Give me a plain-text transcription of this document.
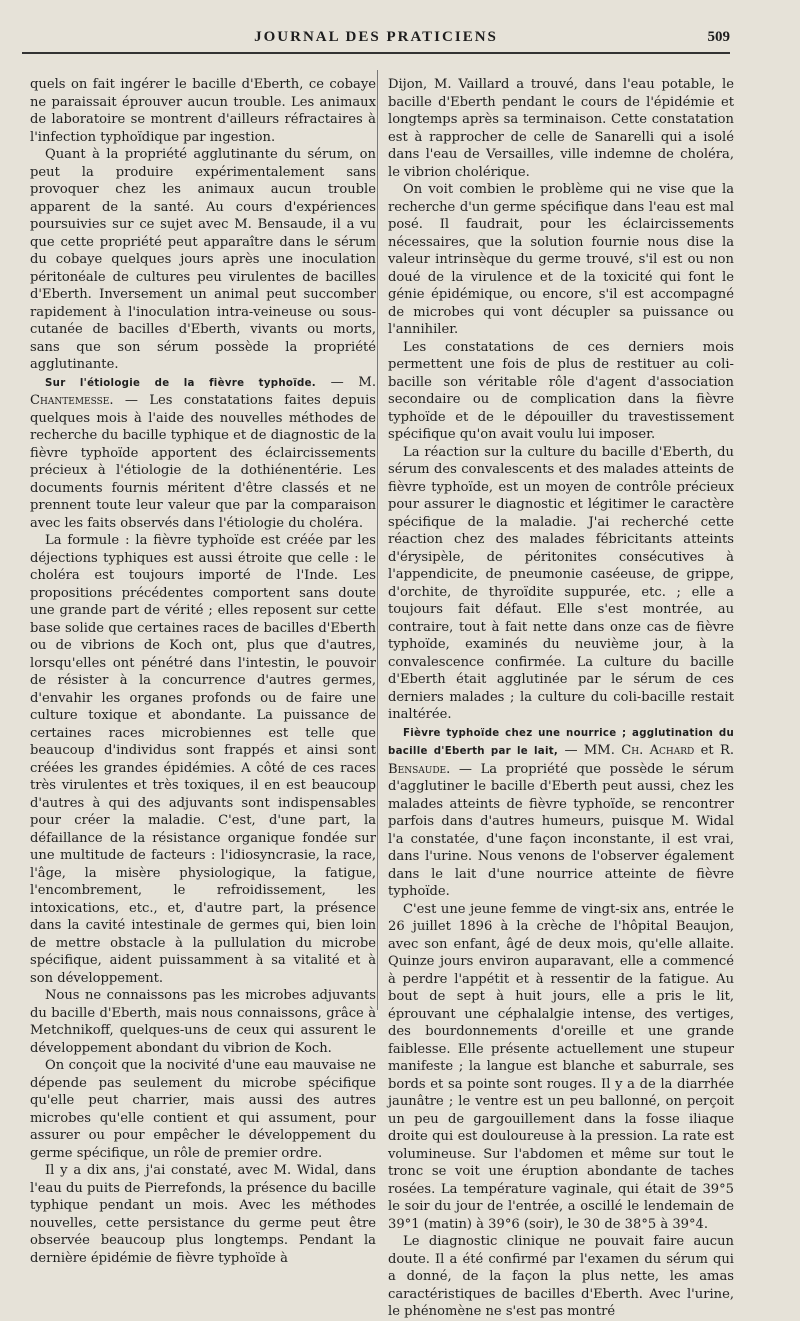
JOURNAL DES PRATICIENS	509

quels on fait ingérer le bacille d'Eberth, ce cobaye ne paraissait éprouver aucun trouble. Les animaux de laboratoire se montrent d'ailleurs réfractaires à l'infection typhoïdique par ingestion.

Quant à la propriété agglutinante du sérum, on peut la produire expérimentalement sans provoquer chez les animaux aucun trouble apparent de la santé. Au cours d'expériences poursuivies sur ce sujet avec M. Bensaude, il a vu que cette propriété peut apparaître dans le sérum du cobaye quelques jours après une inoculation péritonéale de cultures peu virulentes de bacilles d'Eberth. Inversement un animal peut succomber rapidement à l'inoculation intra-veineuse ou sous-cutanée de bacilles d'Eberth, vivants ou morts, sans que son sérum possède la propriété agglutinante.

Sur l'étiologie de la fièvre typhoïde. — M. Chantemesse. — Les constatations faites depuis quelques mois à l'aide des nouvelles méthodes de recherche du bacille typhique et de diagnostic de la fièvre typhoïde apportent des éclaircissements précieux à l'étiologie de la dothiénentérie. Les documents fournis méritent d'être classés et ne prennent toute leur valeur que par la comparaison avec les faits observés dans l'étiologie du choléra.

La formule : la fièvre typhoïde est créée par les déjections typhiques est aussi étroite que celle : le choléra est toujours importé de l'Inde. Les propositions précédentes comportent sans doute une grande part de vérité ; elles reposent sur cette base solide que certaines races de bacilles d'Eberth ou de vibrions de Koch ont, plus que d'autres, lorsqu'elles ont pénétré dans l'intestin, le pouvoir de résister à la concurrence d'autres germes, d'envahir les organes profonds ou de faire une culture toxique et abondante. La puissance de certaines races microbiennes est telle que beaucoup d'individus sont frappés et ainsi sont créées les grandes épidémies. A côté de ces races très virulentes et très toxiques, il en est beaucoup d'autres à qui des adjuvants sont indispensables pour créer la maladie. C'est, d'une part, la défaillance de la résistance organique fondée sur une multitude de facteurs : l'idiosyncrasie, la race, l'âge, la misère physiologique, la fatigue, l'encombrement, le refroidissement, les intoxications, etc., et, d'autre part, la présence dans la cavité intestinale de germes qui, bien loin de mettre obstacle à la pullulation du microbe spécifique, aident puissamment à sa vitalité et à son développement.

Nous ne connaissons pas les microbes adjuvants du bacille d'Eberth, mais nous connaissons, grâce à Metchnikoff, quelques-uns de ceux qui assurent le développement abondant du vibrion de Koch.

On conçoit que la nocivité d'une eau mauvaise ne dépende pas seulement du microbe spécifique qu'elle peut charrier, mais aussi des autres microbes qu'elle contient et qui assument, pour assurer ou pour empêcher le développement du germe spécifique, un rôle de premier ordre.

Il y a dix ans, j'ai constaté, avec M. Widal, dans l'eau du puits de Pierrefonds, la présence du bacille typhique pendant un mois. Avec les méthodes nouvelles, cette persistance du germe peut être observée beaucoup plus longtemps. Pendant la dernière épidémie de fièvre typhoïde à

Dijon, M. Vaillard a trouvé, dans l'eau potable, le bacille d'Eberth pendant le cours de l'épidémie et longtemps après sa terminaison. Cette constatation est à rapprocher de celle de Sanarelli qui a isolé dans l'eau de Versailles, ville indemne de choléra, le vibrion cholérique.

On voit combien le problème qui ne vise que la recherche d'un germe spécifique dans l'eau est mal posé. Il faudrait, pour les éclaircissements nécessaires, que la solution fournie nous dise la valeur intrinsèque du germe trouvé, s'il est ou non doué de la virulence et de la toxicité qui font le génie épidémique, ou encore, s'il est accompagné de microbes qui vont décupler sa puissance ou l'annihiler.

Les constatations de ces derniers mois permettent une fois de plus de restituer au coli-bacille son véritable rôle d'agent d'association secondaire ou de complication dans la fièvre typhoïde et de le dépouiller du travestissement spécifique qu'on avait voulu lui imposer.

La réaction sur la culture du bacille d'Eberth, du sérum des convalescents et des malades atteints de fièvre typhoïde, est un moyen de contrôle précieux pour assurer le diagnostic et légitimer le caractère spécifique de la maladie. J'ai recherché cette réaction chez des malades fébricitants atteints d'érysipèle, de péritonites consécutives à l'appendicite, de pneumonie caséeuse, de grippe, d'orchite, de thyroïdite suppurée, etc. ; elle a toujours fait défaut. Elle s'est montrée, au contraire, tout à fait nette dans onze cas de fièvre typhoïde, examinés du neuvième jour, à la convalescence confirmée. La culture du bacille d'Eberth était agglutinée par le sérum de ces derniers malades ; la culture du coli-bacille restait inaltérée.

Fièvre typhoïde chez une nourrice ; agglutination du bacille d'Eberth par le lait, — MM. Ch. Achard et R. Bensaude. — La propriété que possède le sérum d'agglutiner le bacille d'Eberth peut aussi, chez les malades atteints de fièvre typhoïde, se rencontrer parfois dans d'autres humeurs, puisque M. Widal l'a constatée, d'une façon inconstante, il est vrai, dans l'urine. Nous venons de l'observer également dans le lait d'une nourrice atteinte de fièvre typhoïde.

C'est une jeune femme de vingt-six ans, entrée le 26 juillet 1896 à la crèche de l'hôpital Beaujon, avec son enfant, âgé de deux mois, qu'elle allaite. Quinze jours environ auparavant, elle a commencé à perdre l'appétit et à ressentir de la fatigue. Au bout de sept à huit jours, elle a pris le lit, éprouvant une céphalalgie intense, des vertiges, des bourdonnements d'oreille et une grande faiblesse. Elle présente actuellement une stupeur manifeste ; la langue est blanche et saburrale, ses bords et sa pointe sont rouges. Il y a de la diarrhée jaunâtre ; le ventre est un peu ballonné, on perçoit un peu de gargouillement dans la fosse iliaque droite qui est douloureuse à la pression. La rate est volumineuse. Sur l'abdomen et même sur tout le tronc se voit une éruption abondante de taches rosées. La température vaginale, qui était de 39°5 le soir du jour de l'entrée, a oscillé le lendemain de 39°1 (matin) à 39°6 (soir), le 30 de 38°5 à 39°4.

Le diagnostic clinique ne pouvait faire aucun doute. Il a été confirmé par l'examen du sérum qui a donné, de la façon la plus nette, les amas caractéristiques de bacilles d'Eberth. Avec l'urine, le phénomène ne s'est pas montré
